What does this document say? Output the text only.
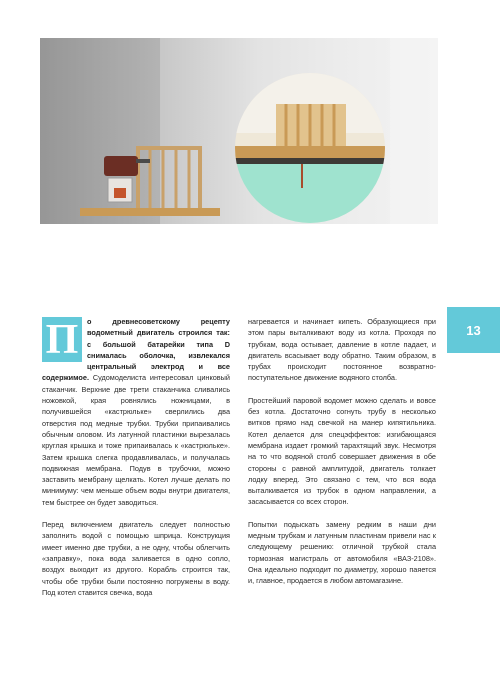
13

П	о древнесоветскому рецепту водометный двигатель строился так: с большой батарейки типа D снималась оболочка, извлекался центральный электрод и все содержимое. Судомоделиста интересовал цинковый стаканчик. Верхние две трети стаканчика сливались ножовкой, края ровнялись ножницами, в получившейся «кастрюльке» сверлились два отверстия под медные трубки. Трубки припаивались обычным оловом. Из латунной пластинки вырезалась круглая крышка и тоже припаивалась к «кастрюльке». Затем крышка слегка продавливалась, и получалась подвижная мембрана. Подув в трубочки, можно заставить мембрану щелкать. Котел лучше делать по минимуму: чем меньше объем воды внутри двигателя, тем быстрее он будет заводиться.

Перед включением двигатель следует полностью заполнить водой с помощью шприца. Конструкция имеет именно две трубки, а не одну, чтобы облегчить «заправку», пока вода заливается в одно сопло, воздух выходит из другого. Корабль строится так, чтобы обе трубки были постоянно погружены в воду. Под котел ставится свечка, вода

нагревается и начинает кипеть. Образующиеся при этом пары выталкивают воду из котла. Проходя по трубкам, вода остывает, давление в котле падает, и двигатель всасывает воду обратно. Таким образом, в трубах происходит постоянное возвратно-поступательное движение водяного столба.

Простейший паровой водомет можно сделать и вовсе без котла. Достаточно согнуть трубу в несколько витков прямо над свечкой на манер кипятильника. Котел делается для спецэффектов: изгибающаяся мембрана издает громкий тарахтящий звук. Несмотря на то что водяной столб совершает движения в обе стороны с равной амплитудой, двигатель толкает лодку вперед. Это связано с тем, что вся вода выталкивается из трубок в одном направлении, а засасывается со всех сторон.

Попытки подыскать замену редким в наши дни медным трубкам и латунным пластинам привели нас к следующему решению: отличной трубкой стала тормозная магистраль от автомобиля «ВАЗ-2108». Она идеально подходит по диаметру, хорошо паяется и, главное, продается в любом автомагазине.
